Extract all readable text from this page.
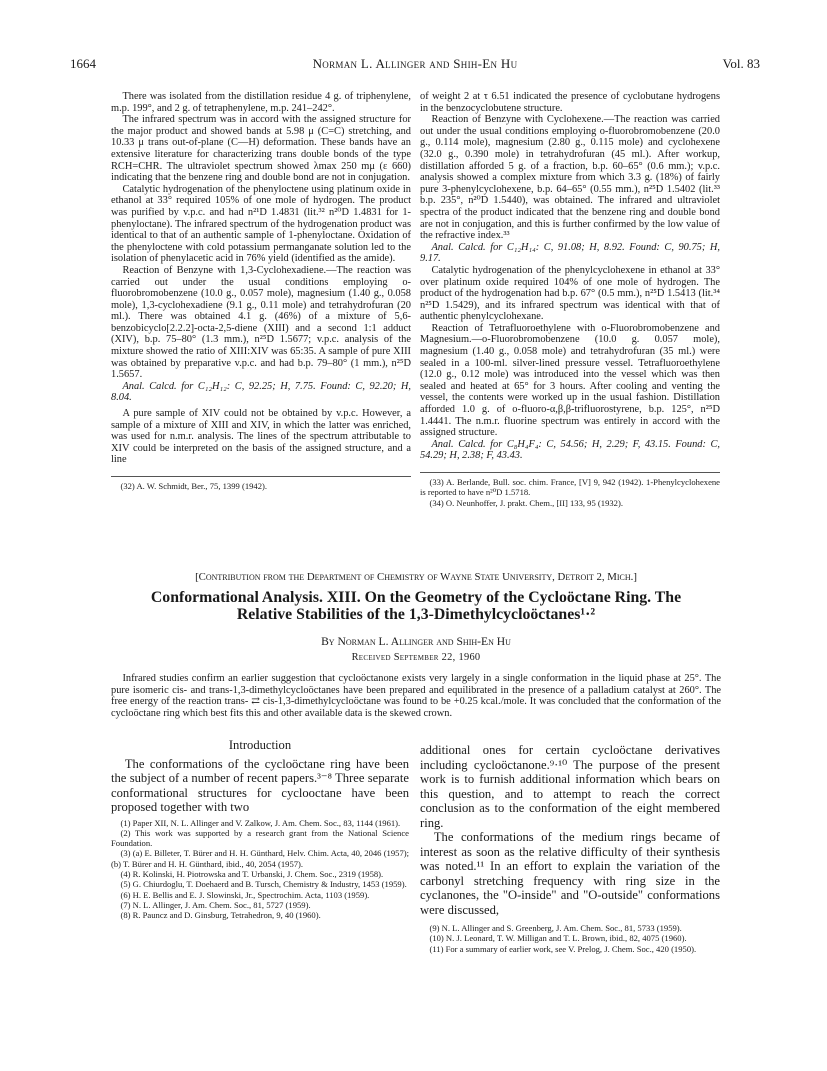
1664	Norman L. Allinger and Shih-En Hu	Vol. 83

There was isolated from the distillation residue 4 g. of triphenylene, m.p. 199°, and 2 g. of tetraphenylene, m.p. 241–242°.

The infrared spectrum was in accord with the assigned structure for the major product and showed bands at 5.98 μ (C=C) stretching, and 10.33 μ trans out-of-plane (C—H) deformation. These bands have an extensive literature for characterizing trans double bonds of the type RCH=CHR. The ultraviolet spectrum showed λmax 250 mμ (ε 660) indicating that the benzene ring and double bond are not in conjugation.

Catalytic hydrogenation of the phenyloctene using platinum oxide in ethanol at 33° required 105% of one mole of hydrogen. The product was purified by v.p.c. and had n²¹D 1.4831 (lit.³² n²⁰D 1.4831 for 1-phenyloctane). The infrared spectrum of the hydrogenation product was identical to that of an authentic sample of 1-phenyloctane. Oxidation of the phenyloctene with cold potassium permanganate solution led to the isolation of phenylacetic acid in 76% yield (identified as the amide).

Reaction of Benzyne with 1,3-Cyclohexadiene.—The reaction was carried out under the usual conditions employing o-fluorobromobenzene (10.0 g., 0.057 mole), magnesium (1.40 g., 0.058 mole), 1,3-cyclohexadiene (9.1 g., 0.11 mole) and tetrahydrofuran (20 ml.). There was obtained 4.1 g. (46%) of a mixture of 5,6-benzobicyclo[2.2.2]-octa-2,5-diene (XIII) and a second 1:1 adduct (XIV), b.p. 75–80° (1.3 mm.), n²⁵D 1.5677; v.p.c. analysis of the mixture showed the ratio of XIII:XIV was 65:35. A sample of pure XIII was obtained by preparative v.p.c. and had b.p. 79–80° (1 mm.), n²⁵D 1.5657.

Anal. Calcd. for C₁₂H₁₂: C, 92.25; H, 7.75. Found: C, 92.20; H, 8.04.

A pure sample of XIV could not be obtained by v.p.c. However, a sample of a mixture of XIII and XIV, in which the latter was enriched, was used for n.m.r. analysis. The lines of the spectrum attributable to XIV could be interpreted on the basis of the assigned structure, and a line

(32) A. W. Schmidt, Ber., 75, 1399 (1942).

of weight 2 at τ 6.51 indicated the presence of cyclobutane hydrogens in the benzocyclobutene structure.

Reaction of Benzyne with Cyclohexene.—The reaction was carried out under the usual conditions employing o-fluorobromobenzene (20.0 g., 0.114 mole), magnesium (2.80 g., 0.115 mole) and cyclohexene (32.0 g., 0.390 mole) in tetrahydrofuran (45 ml.). After workup, distillation afforded 5 g. of a fraction, b.p. 60–65° (0.6 mm.); v.p.c. analysis showed a complex mixture from which 3.3 g. (18%) of fairly pure 3-phenylcyclohexene, b.p. 64–65° (0.55 mm.), n²⁵D 1.5402 (lit.³³ b.p. 235°, n²⁰D 1.5440), was obtained. The infrared and ultraviolet spectra of the product indicated that the benzene ring and double bond are not in conjugation, and this is further confirmed by the low value of the refractive index.³³

Anal. Calcd. for C₁₂H₁₄: C, 91.08; H, 8.92. Found: C, 90.75; H, 9.17.

Catalytic hydrogenation of the phenylcyclohexene in ethanol at 33° over platinum oxide required 104% of one mole of hydrogen. The product of the hydrogenation had b.p. 67° (0.5 mm.), n²⁵D 1.5413 (lit.³⁴ n²⁵D 1.5429), and its infrared spectrum was identical with that of authentic phenylcyclohexane.

Reaction of Tetrafluoroethylene with o-Fluorobromobenzene and Magnesium.—o-Fluorobromobenzene (10.0 g. 0.057 mole), magnesium (1.40 g., 0.058 mole) and tetrahydrofuran (35 ml.) were sealed in a 100-ml. silver-lined pressure vessel. Tetrafluoroethylene (12.0 g., 0.12 mole) was introduced into the vessel which was then sealed and heated at 65° for 3 hours. After cooling and venting the vessel, the contents were worked up in the usual fashion. Distillation afforded 1.0 g. of o-fluoro-α,β,β-trifluorostyrene, b.p. 125°, n²⁵D 1.4441. The n.m.r. fluorine spectrum was entirely in accord with the assigned structure.

Anal. Calcd. for C₈H₄F₄: C, 54.56; H, 2.29; F, 43.15. Found: C, 54.29; H, 2.38; F, 43.43.

(33) A. Berlande, Bull. soc. chim. France, [V] 9, 942 (1942). 1-Phenylcyclohexene is reported to have n²⁰D 1.5718.

(34) O. Neunhoffer, J. prakt. Chem., [II] 133, 95 (1932).

[Contribution from the Department of Chemistry of Wayne State University, Detroit 2, Mich.]
Conformational Analysis. XIII. On the Geometry of the Cycloöctane Ring. The
Relative Stabilities of the 1,3-Dimethylcycloöctanes¹·²
By Norman L. Allinger and Shih-En Hu
Received September 22, 1960

Infrared studies confirm an earlier suggestion that cycloöctanone exists very largely in a single conformation in the liquid phase at 25°. The pure isomeric cis- and trans-1,3-dimethylcycloöctanes have been prepared and equilibrated in the presence of a palladium catalyst at 260°. The free energy of the reaction trans- ⇄ cis-1,3-dimethylcycloöctane was found to be +0.25 kcal./mole. It was concluded that the conformation of the cycloöctane ring which best fits this and other available data is the skewed crown.

Introduction

The conformations of the cycloöctane ring have been the subject of a number of recent papers.³⁻⁸ Three separate conformational structures for cyclooctane have been proposed together with two

(1) Paper XII, N. L. Allinger and V. Zalkow, J. Am. Chem. Soc., 83, 1144 (1961).

(2) This work was supported by a research grant from the National Science Foundation.

(3) (a) E. Billeter, T. Bürer and H. H. Günthard, Helv. Chim. Acta, 40, 2046 (1957); (b) T. Bürer and H. H. Günthard, ibid., 40, 2054 (1957).

(4) R. Kolinski, H. Piotrowska and T. Urbanski, J. Chem. Soc., 2319 (1958).

(5) G. Chiurdoglu, T. Doehaerd and B. Tursch, Chemistry & Industry, 1453 (1959).

(6) H. E. Bellis and E. J. Slowinski, Jr., Spectrochim. Acta, 1103 (1959).

(7) N. L. Allinger, J. Am. Chem. Soc., 81, 5727 (1959).

(8) R. Pauncz and D. Ginsburg, Tetrahedron, 9, 40 (1960).

additional ones for certain cycloöctane derivatives including cycloöctanone.⁹·¹⁰ The purpose of the present work is to furnish additional information which bears on this question, and to attempt to reach the correct conclusion as to the conformation of the eight membered ring.

The conformations of the medium rings became of interest as soon as the relative difficulty of their synthesis was noted.¹¹ In an effort to explain the variation of the carbonyl stretching frequency with ring size in the cyclanones, the "O-inside" and "O-outside" conformations were discussed,

(9) N. L. Allinger and S. Greenberg, J. Am. Chem. Soc., 81, 5733 (1959).

(10) N. J. Leonard, T. W. Milligan and T. L. Brown, ibid., 82, 4075 (1960).

(11) For a summary of earlier work, see V. Prelog, J. Chem. Soc., 420 (1950).
